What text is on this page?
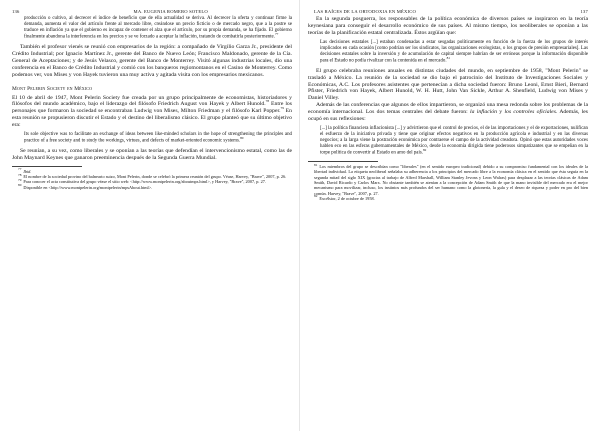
136	MA. EUGENIA ROMERO SOTELO

producción o cultivo, al decrecer el índice de beneficio que de ella actualidad se deriva. Al decrecer la oferta y continuar firme la demanda, aumenta el valor del artículo frente al mercado libre, creándose un precio ficticio o de mercado negro, que a la postre se traduce en inflación ya que el gobierno es incapaz de contener el alza que el artículo, por su propia demanda, se ha fijado. El gobierno finalmente abandona la interferencia en los precios y se ve forzado a aceptar la inflación, tratando de combatirla posteriormente.$^{77}$

También el profesor vienés se reunió con empresarios de la región: a compañado de Virgilio Garza Jr., presidente del Crédito Industrial; por Ignacio Martínez Jr., gerente del Banco de Nuevo León; Francisco Maldonado, gerente de la Cía. General de Aceptaciones; y de Jesús Velasco, gerente del Banco de Monterrey. Visitó algunas industrias locales, dio una conferencia en el Banco de Crédito Industrial y comió con los banqueros regiomontanos en el Casino de Monterrey. Como podemos ver, von Mises y von Hayek tuvieron una muy activa y agitada visita con los empresarios mexicanos.

Mont Pelerin Society en México

El 10 de abril de 1947, Mont Pelerin Society fue creada por un grupo principalmente de economistas, historiadores y filósofos del mundo académico, bajo el liderazgo del filósofo Friedrich August von Hayek y Albert Hunold.$^{78}$ Entre los personajes que formaron la sociedad se encontraban Ludwig von Mises, Milton Friedman y el filósofo Karl Popper.$^{79}$ En esta reunión se propusieron discutir el Estado y el destino del liberalismo clásico. El grupo planteó que su último objetivo era:

Its sole objective was to facilitate an exchange of ideas between like-minded scholars in the hope of strengthening the principles and practice of a free society and to study the workings, virtues, and defects of market-oriented economic systems.$^{80}$

Se reunían, a su vez, como liberales y se oponían a las teorías que defendían el intervencionismo estatal, como las de John Maynard Keynes que ganaron preeminencia después de la Segunda Guerra Mundial.

$^{77}$ Ibid.

$^{78}$ El nombre de la sociedad provino del balneario suizo, Mont Pelerin, donde se celebró la primera reunión del grupo. Véase, Harvey, "Brave", 2007, p. 26.

$^{79}$ Para conocer el acta constitutiva del grupo véase el sitio web: <http://www.montpelerin.org/aboutmps.html>, y Harvey, "Brave", 2007, p. 27.

$^{80}$ Disponible en <http://www.montpelerin.org/montpelerin/mpsAbout.html>.

LAS RAÍCES DE LA ORTODOXIA EN MÉXICO	137

En la segunda posguerra, los responsables de la política económica de diversos países se inspiraron en la teoría keynesiana para conseguir el desarrollo económico de sus países. Al mismo tiempo, los neoliberales se oponían a las teorías de la planificación estatal centralizada. Éstos argüían que:

Las decisiones estatales [...] estaban condenadas a estar sesgadas políticamente en función de la fuerza de los grupos de interés implicados en cada ocasión [como podrían ser los sindicatos, las organizaciones ecologistas, o los grupos de presión empresariales]. Las decisiones estatales sobre la inversión y de acumulación de capital siempre habrían de ser erróneas porque la información disponible para el Estado no podía rivalizar con la contenida en el mercado.$^{81}$

El grupo celebraba reuniones anuales en distintas ciudades del mundo, en septiembre de 1958, "Mont Pelerin" se trasladó a México. La reunión de la sociedad se dio bajo el patrocinio del Instituto de Investigaciones Sociales y Económicas, A.C. Los profesores asistentes que pertenecían a dicha sociedad fueron: Bruno Leoni, Ernst Bieri, Bernard Pfister, Friedrich von Hayek, Albert Hunold, W. H. Hutt, John Van Sickle, Arthur A. Shenfield, Ludwig von Mises y Daniel Villey.

Además de las conferencias que algunos de ellos impartieron, se organizó una mesa redonda sobre los problemas de la economía internacional. Los dos temas centrales del debate fueron: la inflación y los controles oficiales. Además, les ocupó en sus reflexiones:

[...] la política financiera inflacionista [...] y advirtieron que el control de precios, el de las importaciones y el de exportaciones, nulifican el esfuerzo de la iniciativa privada y tiene que originar efectos negativos en la producción agrícola e industrial y en las diversas negocios; a la larga viene la postración económica por contraerse el campo de la actividad creadora. Opinó que estas autoridades voces hablen eco en las esferas gubernamentales de México, desde la economía dirigida tiene poderosos simpatizantes que se empeñan en la torpe política de convertir al Estado en amo del país.$^{82}$

$^{81}$ Los miembros del grupo se describían como "liberales" (en el sentido europeo tradicional) debido a su compromiso fundamental con los ideales de la libertad individual. La etiqueta neoliberal señalaba su adherencia a los principios del mercado libre a la economía clásica en el sentido que ésta seguía en la segunda mitad del siglo XIX (gracias al trabajo de Alfred Marshall, William Stanley Jevons y Leon Walras) para desplazar a las teorías clásicas de Adam Smith, David Ricardo y Carlos Marx. No obstante también se atenían a la concepción de Adam Smith de que la mano invisible del mercado era el mejor mecanismo para movilizar, incluso, los instintos más profundos del ser humano como la glotonería, la gula y el deseo de riqueza y poder en pro del bien común. Harvey, "Brave", 2007, p. 27.

$^{82}$ Excélsior, 2 de octubre de 1958.
